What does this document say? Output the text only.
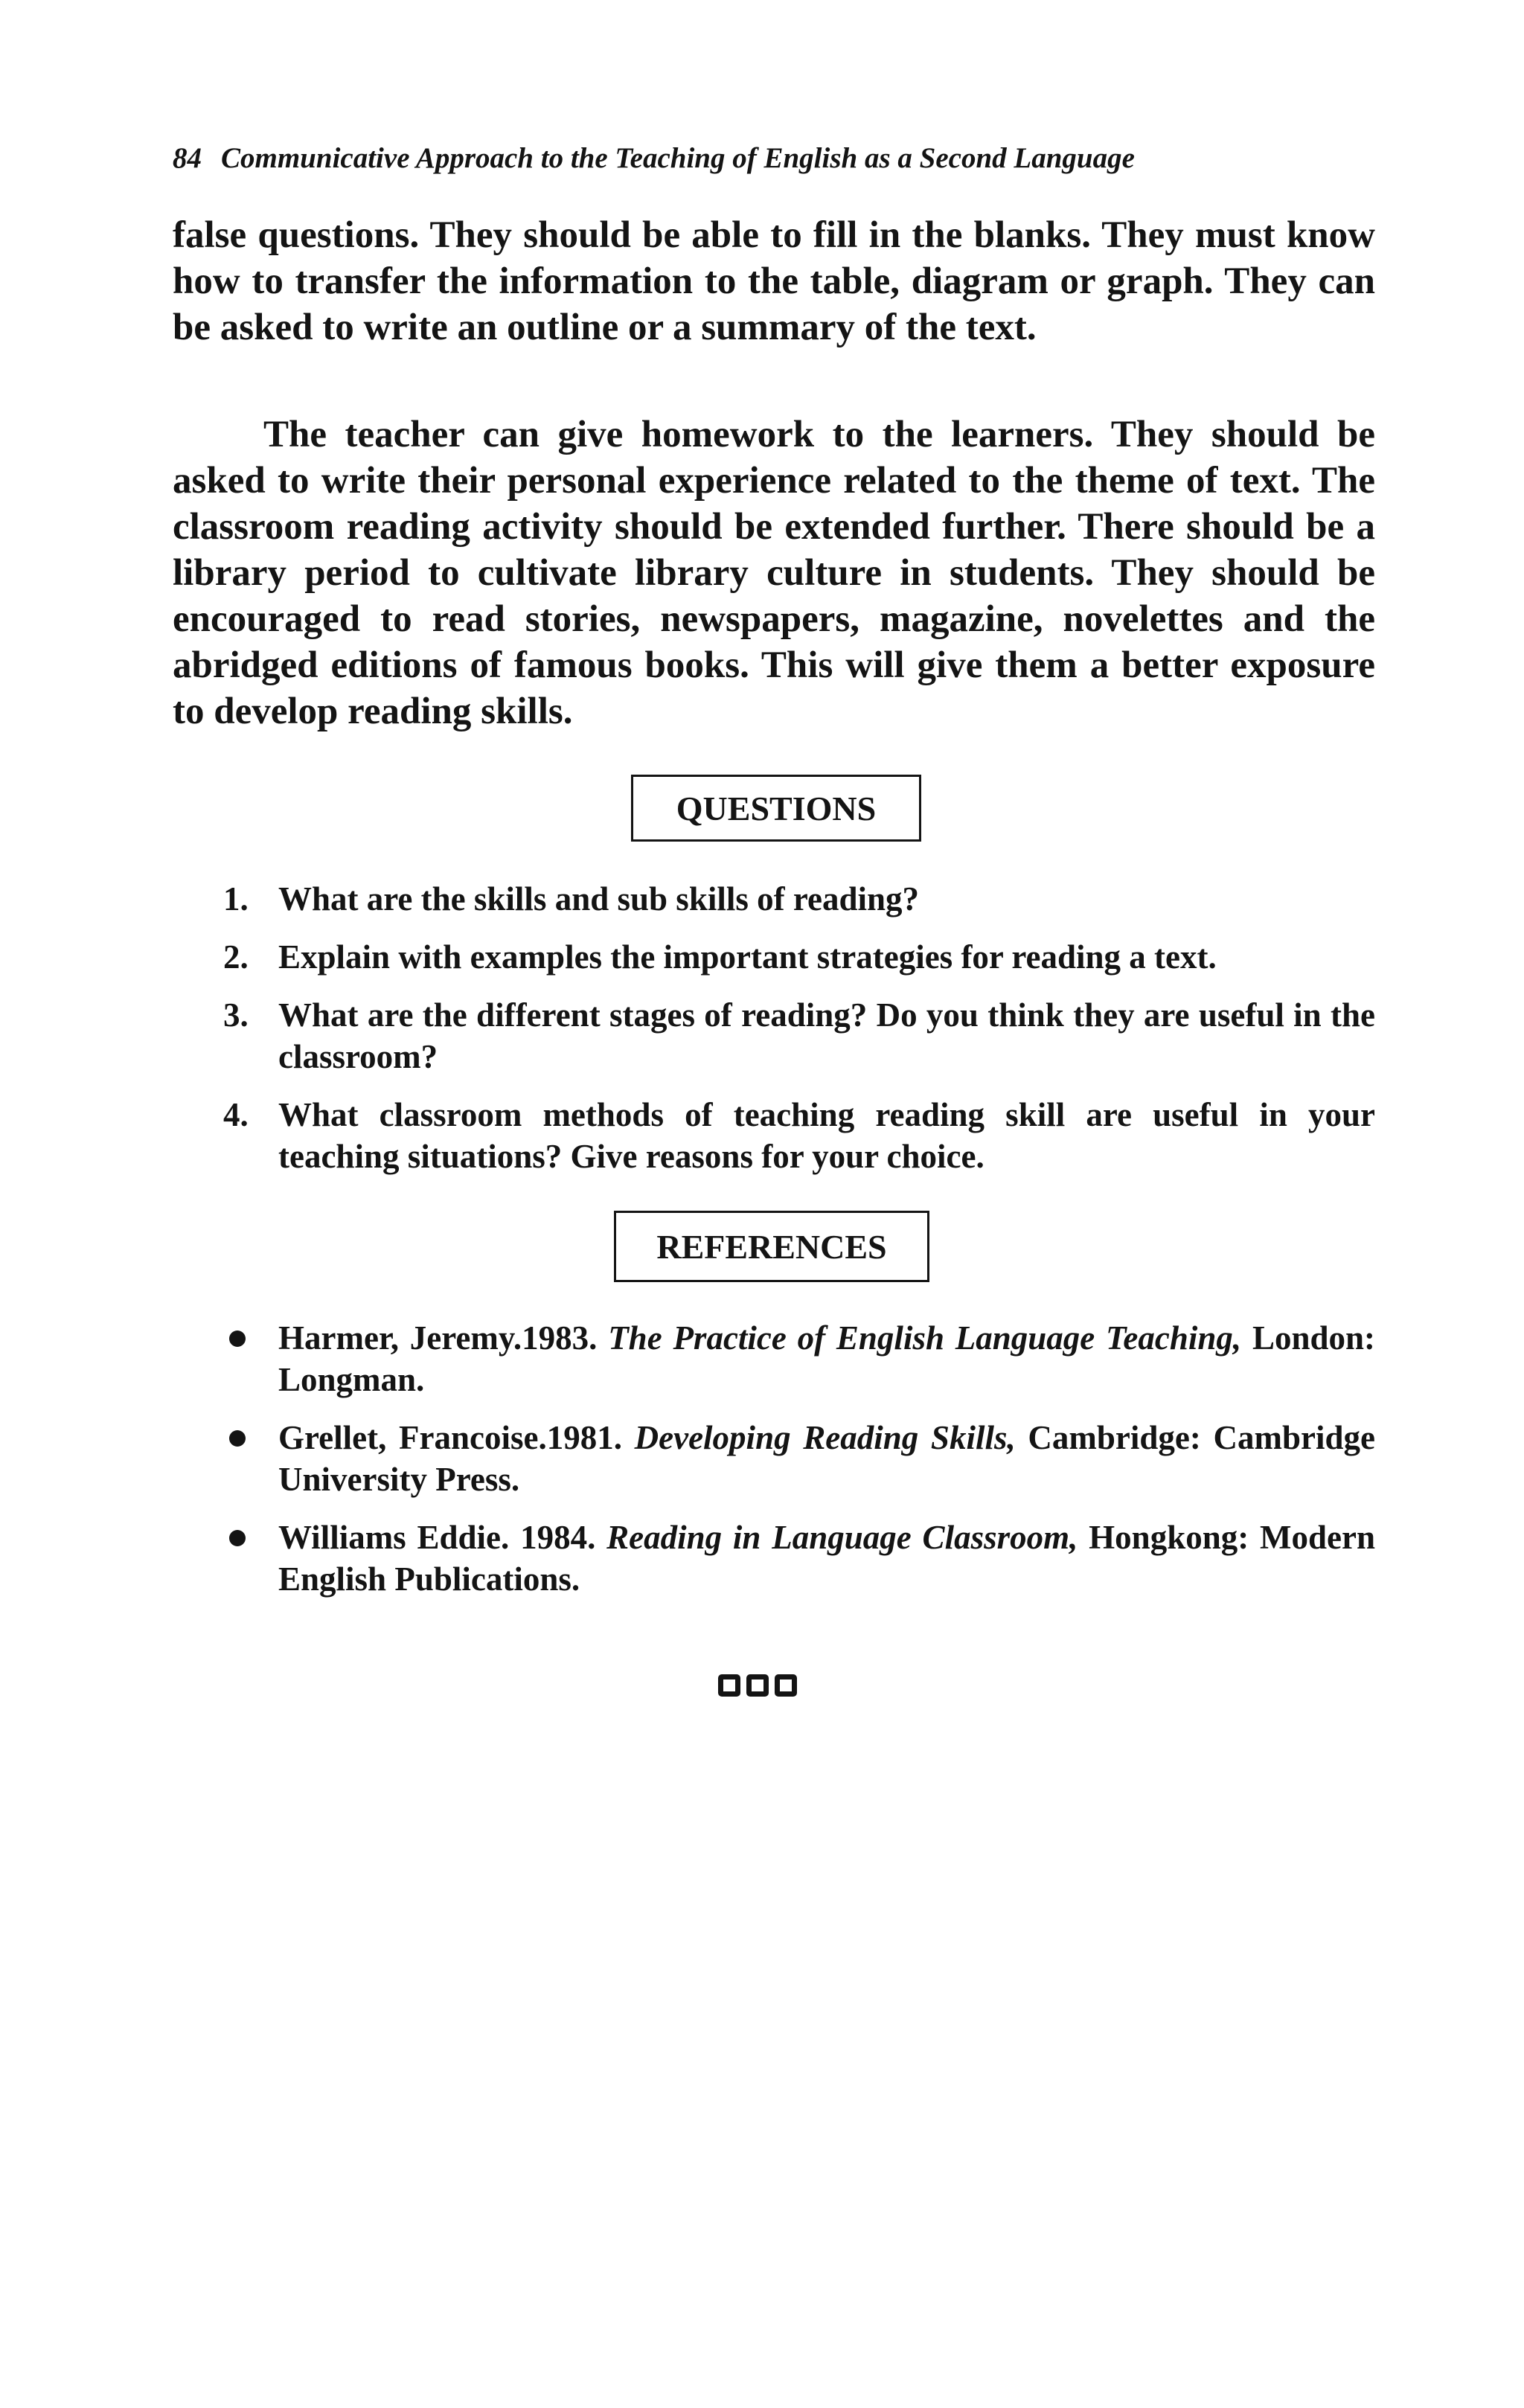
84 Communicative Approach to the Teaching of English as a Second Language

false questions. They should be able to fill in the blanks. They must know how to transfer the information to the table, diagram or graph. They can be asked to write an outline or a summary of the text.

The teacher can give homework to the learners. They should be asked to write their personal experience related to the theme of text. The classroom reading activity should be extended further. There should be a library period to cultivate library culture in students. They should be encouraged to read stories, newspapers, magazine, novelettes and the abridged editions of famous books. This will give them a better exposure to develop reading skills.

QUESTIONS
1. What are the skills and sub skills of reading?
2. Explain with examples the important strategies for reading a text.
3. What are the different stages of reading? Do you think they are useful in the classroom?
4. What classroom methods of teaching reading skill are useful in your teaching situations? Give reasons for your choice.
REFERENCES
Harmer, Jeremy.1983. The Practice of English Language Teaching, London: Longman.
Grellet, Francoise.1981. Developing Reading Skills, Cambridge: Cambridge University Press.
Williams Eddie. 1984. Reading in Language Classroom, Hongkong: Modern English Publications.
